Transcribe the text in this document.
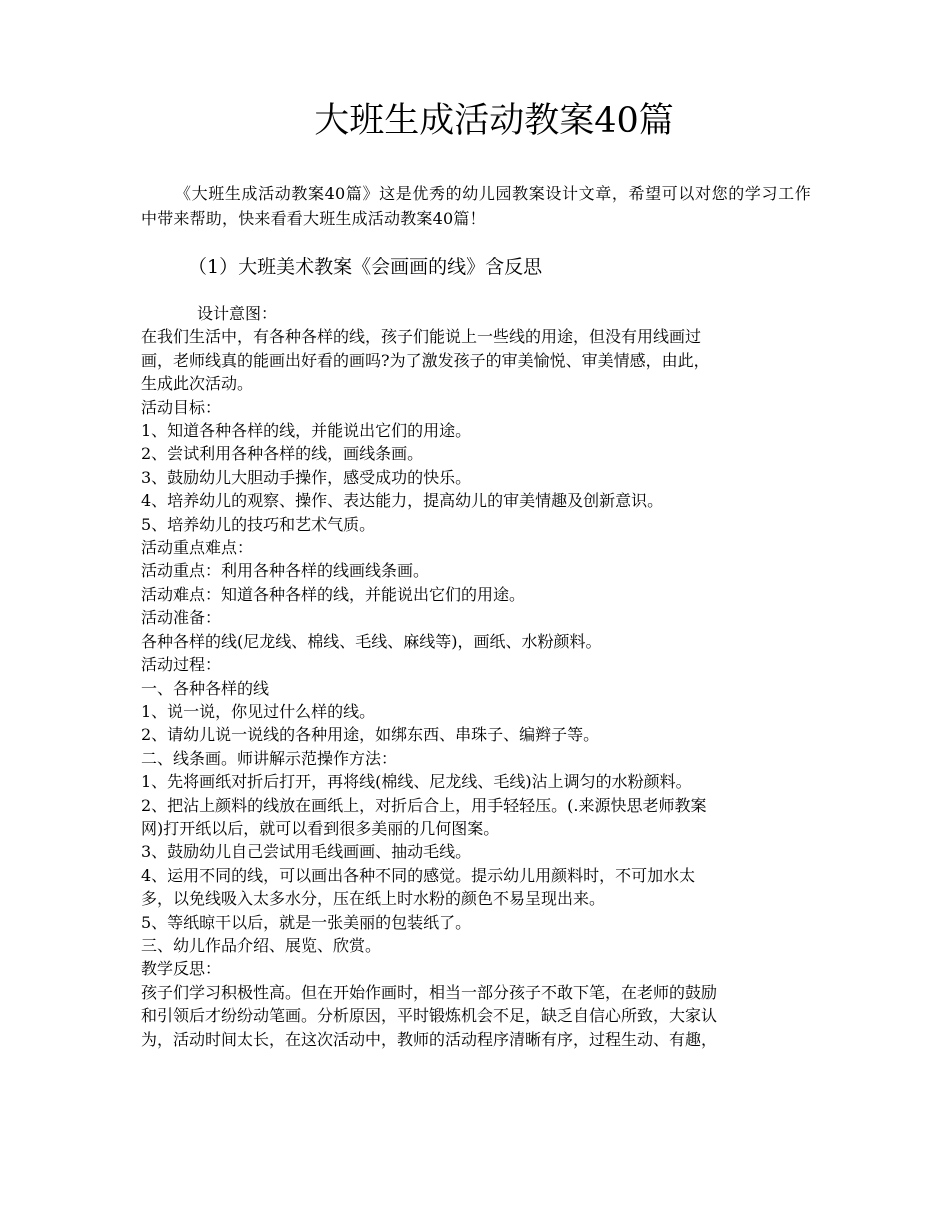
大班生成活动教案40篇
《大班生成活动教案40篇》这是优秀的幼儿园教案设计文章，希望可以对您的学习工作中带来帮助，快来看看大班生成活动教案40篇！
（1）大班美术教案《会画画的线》含反思
设计意图：
在我们生活中，有各种各样的线，孩子们能说上一些线的用途，但没有用线画过
画，老师线真的能画出好看的画吗?为了激发孩子的审美愉悦、审美情感，由此，
生成此次活动。
活动目标：
1、知道各种各样的线，并能说出它们的用途。
2、尝试利用各种各样的线，画线条画。
3、鼓励幼儿大胆动手操作，感受成功的快乐。
4、培养幼儿的观察、操作、表达能力，提高幼儿的审美情趣及创新意识。
5、培养幼儿的技巧和艺术气质。
活动重点难点：
活动重点：利用各种各样的线画线条画。
活动难点：知道各种各样的线，并能说出它们的用途。
活动准备：
各种各样的线(尼龙线、棉线、毛线、麻线等)，画纸、水粉颜料。
活动过程：
一、各种各样的线
1、说一说，你见过什么样的线。
2、请幼儿说一说线的各种用途，如绑东西、串珠子、编辫子等。
二、线条画。师讲解示范操作方法：
1、先将画纸对折后打开，再将线(棉线、尼龙线、毛线)沾上调匀的水粉颜料。
2、把沾上颜料的线放在画纸上，对折后合上，用手轻轻压。(.来源快思老师教案
网)打开纸以后，就可以看到很多美丽的几何图案。
3、鼓励幼儿自己尝试用毛线画画、抽动毛线。
4、运用不同的线，可以画出各种不同的感觉。提示幼儿用颜料时，不可加水太
多，以免线吸入太多水分，压在纸上时水粉的颜色不易呈现出来。
5、等纸晾干以后，就是一张美丽的包装纸了。
三、幼儿作品介绍、展览、欣赏。
教学反思：
孩子们学习积极性高。但在开始作画时，相当一部分孩子不敢下笔，在老师的鼓励
和引领后才纷纷动笔画。分析原因，平时锻炼机会不足，缺乏自信心所致，大家认
为，活动时间太长，在这次活动中，教师的活动程序清晰有序，过程生动、有趣，
